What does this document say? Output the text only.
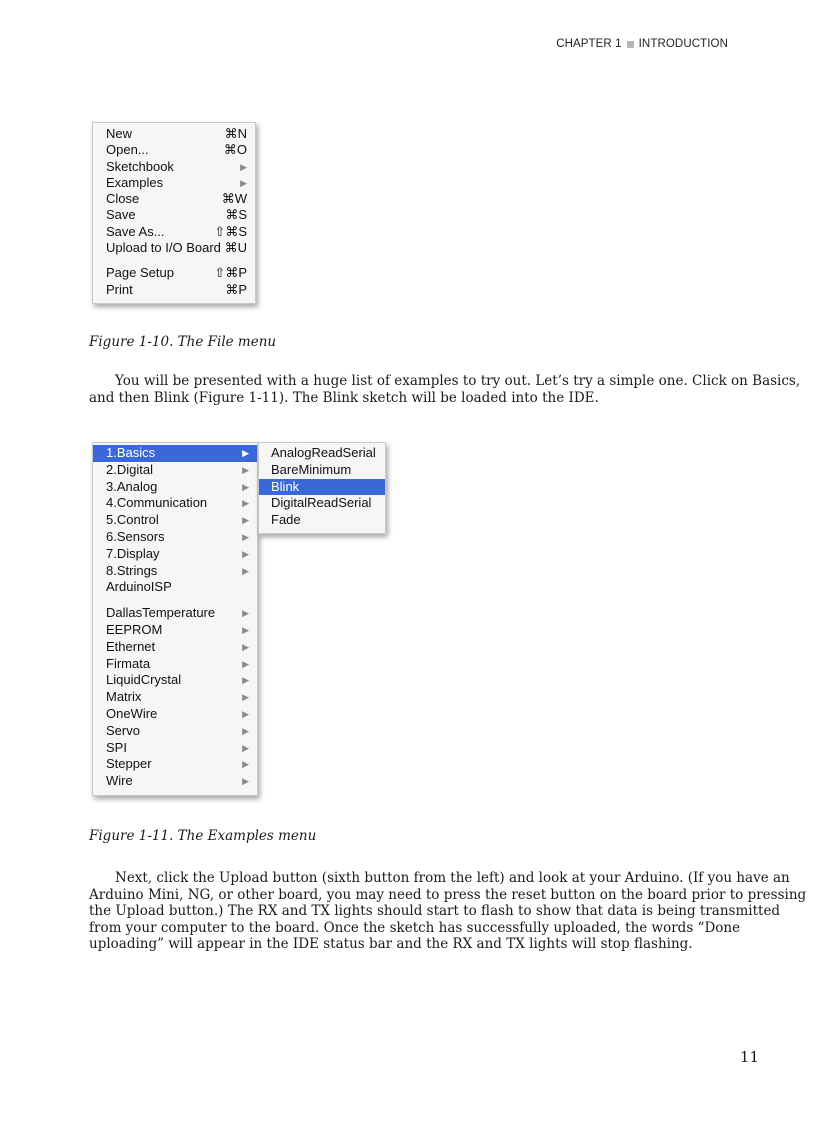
CHAPTER 1 INTRODUCTION
New	⌘N
Open...	⌘O
Sketchbook	▶
Examples	▶
Close	⌘W
Save	⌘S
Save As...	⇧⌘S
Upload to I/O Board ⌘U
Page Setup	⇧⌘P
Print	⌘P
Figure 1-10. The File menu
You will be presented with a huge list of examples to try out. Let’s try a simple one. Click on Basics,
and then Blink (Figure 1-11). The Blink sketch will be loaded into the IDE.
1.Basics	▶
2.Digital	▶
3.Analog	▶
4.Communication	▶
5.Control	▶
6.Sensors	▶
7.Display	▶
8.Strings	▶
ArduinoISP
DallasTemperature	▶
EEPROM	▶
Ethernet	▶
Firmata	▶
LiquidCrystal	▶
Matrix	▶
OneWire	▶
Servo	▶
SPI	▶
Stepper	▶
Wire	▶
AnalogReadSerial
BareMinimum
Blink
DigitalReadSerial
Fade
Figure 1-11. The Examples menu
Next, click the Upload button (sixth button from the left) and look at your Arduino. (If you have an
Arduino Mini, NG, or other board, you may need to press the reset button on the board prior to pressing
the Upload button.) The RX and TX lights should start to flash to show that data is being transmitted
from your computer to the board. Once the sketch has successfully uploaded, the words “Done
uploading” will appear in the IDE status bar and the RX and TX lights will stop flashing.
11
